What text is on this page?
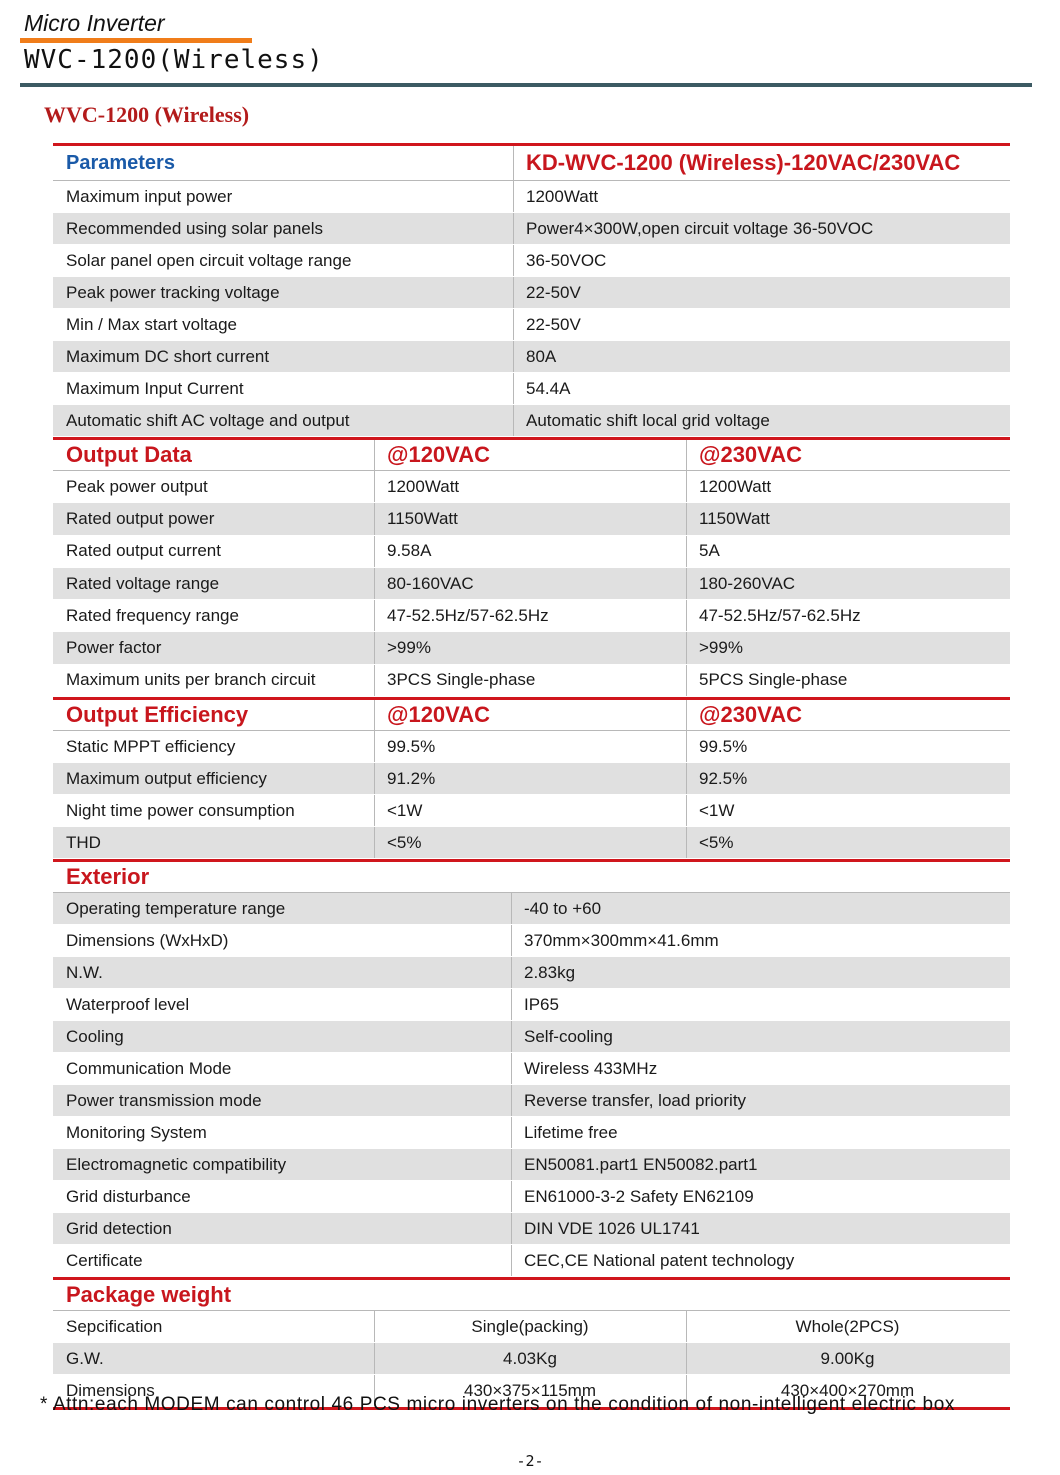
Micro Inverter
WVC-1200(Wireless)
WVC-1200 (Wireless)
Parameters	KD-WVC-1200 (Wireless)-120VAC/230VAC
Maximum input power	1200Watt
Recommended using solar panels	Power4×300W,open circuit voltage 36-50VOC
Solar panel open circuit voltage range	36-50VOC
Peak power tracking voltage	22-50V
Min / Max start voltage	22-50V
Maximum DC short current	80A
Maximum Input Current	54.4A
Automatic shift AC voltage and output	Automatic shift local grid voltage
Output Data	@120VAC	@230VAC
Peak power output	1200Watt	1200Watt
Rated output power	1150Watt	1150Watt
Rated output current	9.58A	5A
Rated voltage range	80-160VAC	180-260VAC
Rated frequency range	47-52.5Hz/57-62.5Hz	47-52.5Hz/57-62.5Hz
Power factor	>99%	>99%
Maximum units per branch circuit	3PCS Single-phase	5PCS Single-phase
Output Efficiency	@120VAC	@230VAC
Static MPPT efficiency	99.5%	99.5%
Maximum output efficiency	91.2%	92.5%
Night time power consumption	<1W	<1W
THD	<5%	<5%
Exterior
Operating temperature range	-40 to +60
Dimensions (WxHxD)	370mm×300mm×41.6mm
N.W.	2.83kg
Waterproof level	IP65
Cooling	Self-cooling
Communication Mode	Wireless 433MHz
Power transmission mode	Reverse transfer, load priority
Monitoring System	Lifetime free
Electromagnetic compatibility	EN50081.part1 EN50082.part1
Grid disturbance	EN61000-3-2 Safety EN62109
Grid detection	DIN VDE 1026 UL1741
Certificate	CEC,CE National patent technology
Package weight
Sepcification	Single(packing)	Whole(2PCS)
G.W.	4.03Kg	9.00Kg
Dimensions	430×375×115mm	430×400×270mm
* Attn:each MODEM can control 46 PCS micro inverters on the condition of non-intelligent electric box
-2-
